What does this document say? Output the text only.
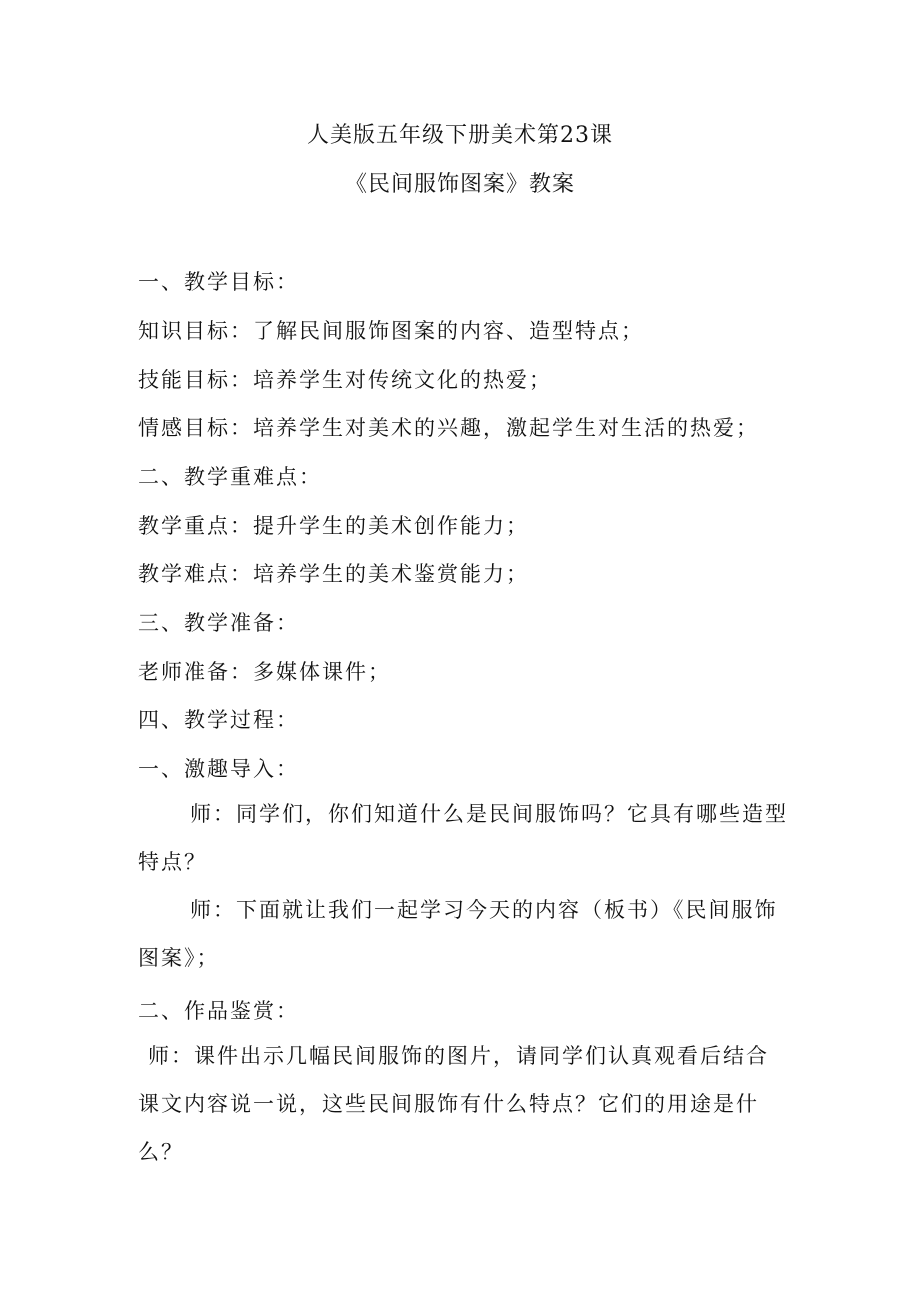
人美版五年级下册美术第23课
《民间服饰图案》教案
一、教学目标：
知识目标：了解民间服饰图案的内容、造型特点；
技能目标：培养学生对传统文化的热爱；
情感目标：培养学生对美术的兴趣，激起学生对生活的热爱；
二、教学重难点：
教学重点：提升学生的美术创作能力；
教学难点：培养学生的美术鉴赏能力；
三、教学准备：
老师准备：多媒体课件；
四、教学过程：
一、激趣导入：
师：同学们，你们知道什么是民间服饰吗？它具有哪些造型特点？
师：下面就让我们一起学习今天的内容（板书）《民间服饰图案》；
二、作品鉴赏：
师：课件出示几幅民间服饰的图片，请同学们认真观看后结合课文内容说一说，这些民间服饰有什么特点？它们的用途是什么？
